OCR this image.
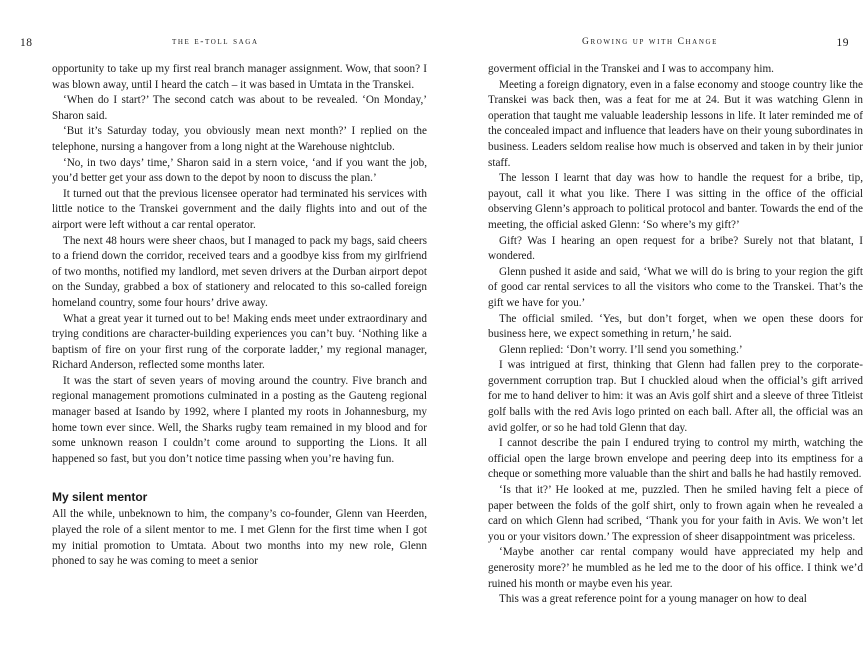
18	the e-toll saga

opportunity to take up my first real branch manager assignment. Wow, that soon? I was blown away, until I heard the catch – it was based in Umtata in the Transkei.

‘When do I start?’ The second catch was about to be revealed. ‘On Monday,’ Sharon said.

‘But it’s Saturday today, you obviously mean next month?’ I replied on the telephone, nursing a hangover from a long night at the Warehouse nightclub.

‘No, in two days’ time,’ Sharon said in a stern voice, ‘and if you want the job, you’d better get your ass down to the depot by noon to discuss the plan.’

It turned out that the previous licensee operator had terminated his services with little notice to the Transkei government and the daily flights into and out of the airport were left without a car rental operator.

The next 48 hours were sheer chaos, but I managed to pack my bags, said cheers to a friend down the corridor, received tears and a goodbye kiss from my girlfriend of two months, notified my landlord, met seven drivers at the Durban airport depot on the Sunday, grabbed a box of stationery and relocated to this so-called foreign homeland country, some four hours’ drive away.

What a great year it turned out to be! Making ends meet under extraordinary and trying conditions are character-building experiences you can’t buy. ‘Nothing like a baptism of fire on your first rung of the corporate ladder,’ my regional manager, Richard Anderson, reflected some months later.

It was the start of seven years of moving around the country. Five branch and regional management promotions culminated in a posting as the Gauteng regional manager based at Isando by 1992, where I planted my roots in Johannesburg, my home town ever since. Well, the Sharks rugby team remained in my blood and for some unknown reason I couldn’t come around to supporting the Lions. It all happened so fast, but you don’t notice time passing when you’re having fun.

My silent mentor

All the while, unbeknown to him, the company’s co-founder, Glenn van Heerden, played the role of a silent mentor to me. I met Glenn for the first time when I got my initial promotion to Umtata. About two months into my new role, Glenn phoned to say he was coming to meet a senior

Growing up with Change	19

goverment official in the Transkei and I was to accompany him.

Meeting a foreign dignatory, even in a false economy and stooge country like the Transkei was back then, was a feat for me at 24. But it was watching Glenn in operation that taught me valuable leadership lessons in life. It later reminded me of the concealed impact and influence that leaders have on their young subordinates in business. Leaders seldom realise how much is observed and taken in by their junior staff.

The lesson I learnt that day was how to handle the request for a bribe, tip, payout, call it what you like. There I was sitting in the office of the official observing Glenn’s approach to political protocol and banter. Towards the end of the meeting, the official asked Glenn: ‘So where’s my gift?’

Gift? Was I hearing an open request for a bribe? Surely not that blatant, I wondered.

Glenn pushed it aside and said, ‘What we will do is bring to your region the gift of good car rental services to all the visitors who come to the Transkei. That’s the gift we have for you.’

The official smiled. ‘Yes, but don’t forget, when we open these doors for business here, we expect something in return,’ he said.

Glenn replied: ‘Don’t worry. I’ll send you something.’

I was intrigued at first, thinking that Glenn had fallen prey to the corporate-government corruption trap. But I chuckled aloud when the official’s gift arrived for me to hand deliver to him: it was an Avis golf shirt and a sleeve of three Titleist golf balls with the red Avis logo printed on each ball. After all, the official was an avid golfer, or so he had told Glenn that day.

I cannot describe the pain I endured trying to control my mirth, watching the official open the large brown envelope and peering deep into its emptiness for a cheque or something more valuable than the shirt and balls he had hastily removed.

‘Is that it?’ He looked at me, puzzled. Then he smiled having felt a piece of paper between the folds of the golf shirt, only to frown again when he revealed a card on which Glenn had scribed, ‘Thank you for your faith in Avis. We won’t let you or your visitors down.’ The expression of sheer disappointment was priceless.

‘Maybe another car rental company would have appreciated my help and generosity more?’ he mumbled as he led me to the door of his office. I think we’d ruined his month or maybe even his year.

This was a great reference point for a young manager on how to deal
